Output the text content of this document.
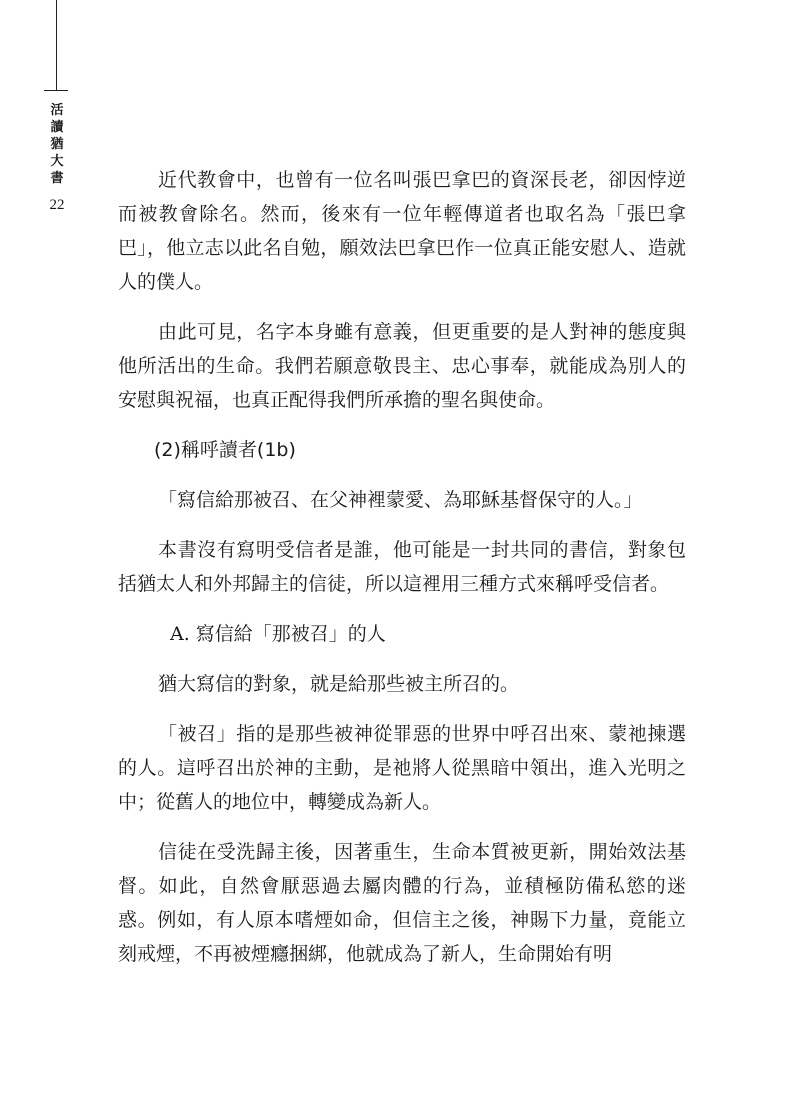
活讀猶大書
22

近代教會中，也曾有一位名叫張巴拿巴的資深長老，卻因悖逆而被教會除名。然而，後來有一位年輕傳道者也取名為「張巴拿巴」，他立志以此名自勉，願效法巴拿巴作一位真正能安慰人、造就人的僕人。

由此可見，名字本身雖有意義，但更重要的是人對神的態度與他所活出的生命。我們若願意敬畏主、忠心事奉，就能成為別人的安慰與祝福，也真正配得我們所承擔的聖名與使命。

(2)稱呼讀者(1b)

「寫信給那被召、在父神裡蒙愛、為耶穌基督保守的人。」

本書沒有寫明受信者是誰，他可能是一封共同的書信，對象包括猶太人和外邦歸主的信徒，所以這裡用三種方式來稱呼受信者。

A. 寫信給「那被召」的人

猶大寫信的對象，就是給那些被主所召的。

「被召」指的是那些被神從罪惡的世界中呼召出來、蒙祂揀選的人。這呼召出於神的主動，是祂將人從黑暗中領出，進入光明之中；從舊人的地位中，轉變成為新人。

信徒在受洗歸主後，因著重生，生命本質被更新，開始效法基督。如此，自然會厭惡過去屬肉體的行為，並積極防備私慾的迷惑。例如，有人原本嗜煙如命，但信主之後，神賜下力量，竟能立刻戒煙，不再被煙癮捆綁，他就成為了新人，生命開始有明
